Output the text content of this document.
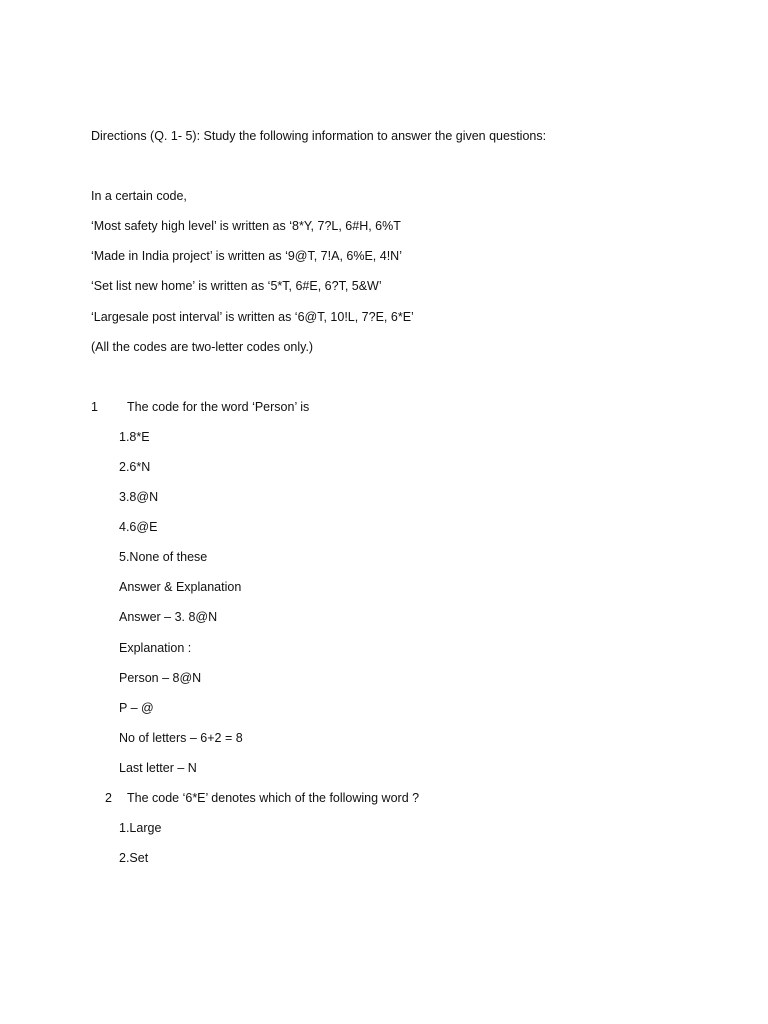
Directions (Q. 1- 5): Study the following information to answer the given questions:
In a certain code,
‘Most safety high level’ is written as ‘8*Y, 7?L, 6#H, 6%T
‘Made in India project’ is written as ‘9@T, 7!A, 6%E, 4!N’
‘Set list new home’ is written as ‘5*T, 6#E, 6?T, 5&W’
‘Largesale post interval’ is written as ‘6@T, 10!L, 7?E, 6*E’
(All the codes are two-letter codes only.)
1 The code for the word ‘Person’ is
1.8*E
2.6*N
3.8@N
4.6@E
5.None of these
Answer & Explanation
Answer – 3. 8@N
Explanation :
Person – 8@N
P – @
No of letters – 6+2 = 8
Last letter – N
2 The code ‘6*E’ denotes which of the following word ?
1.Large
2.Set
